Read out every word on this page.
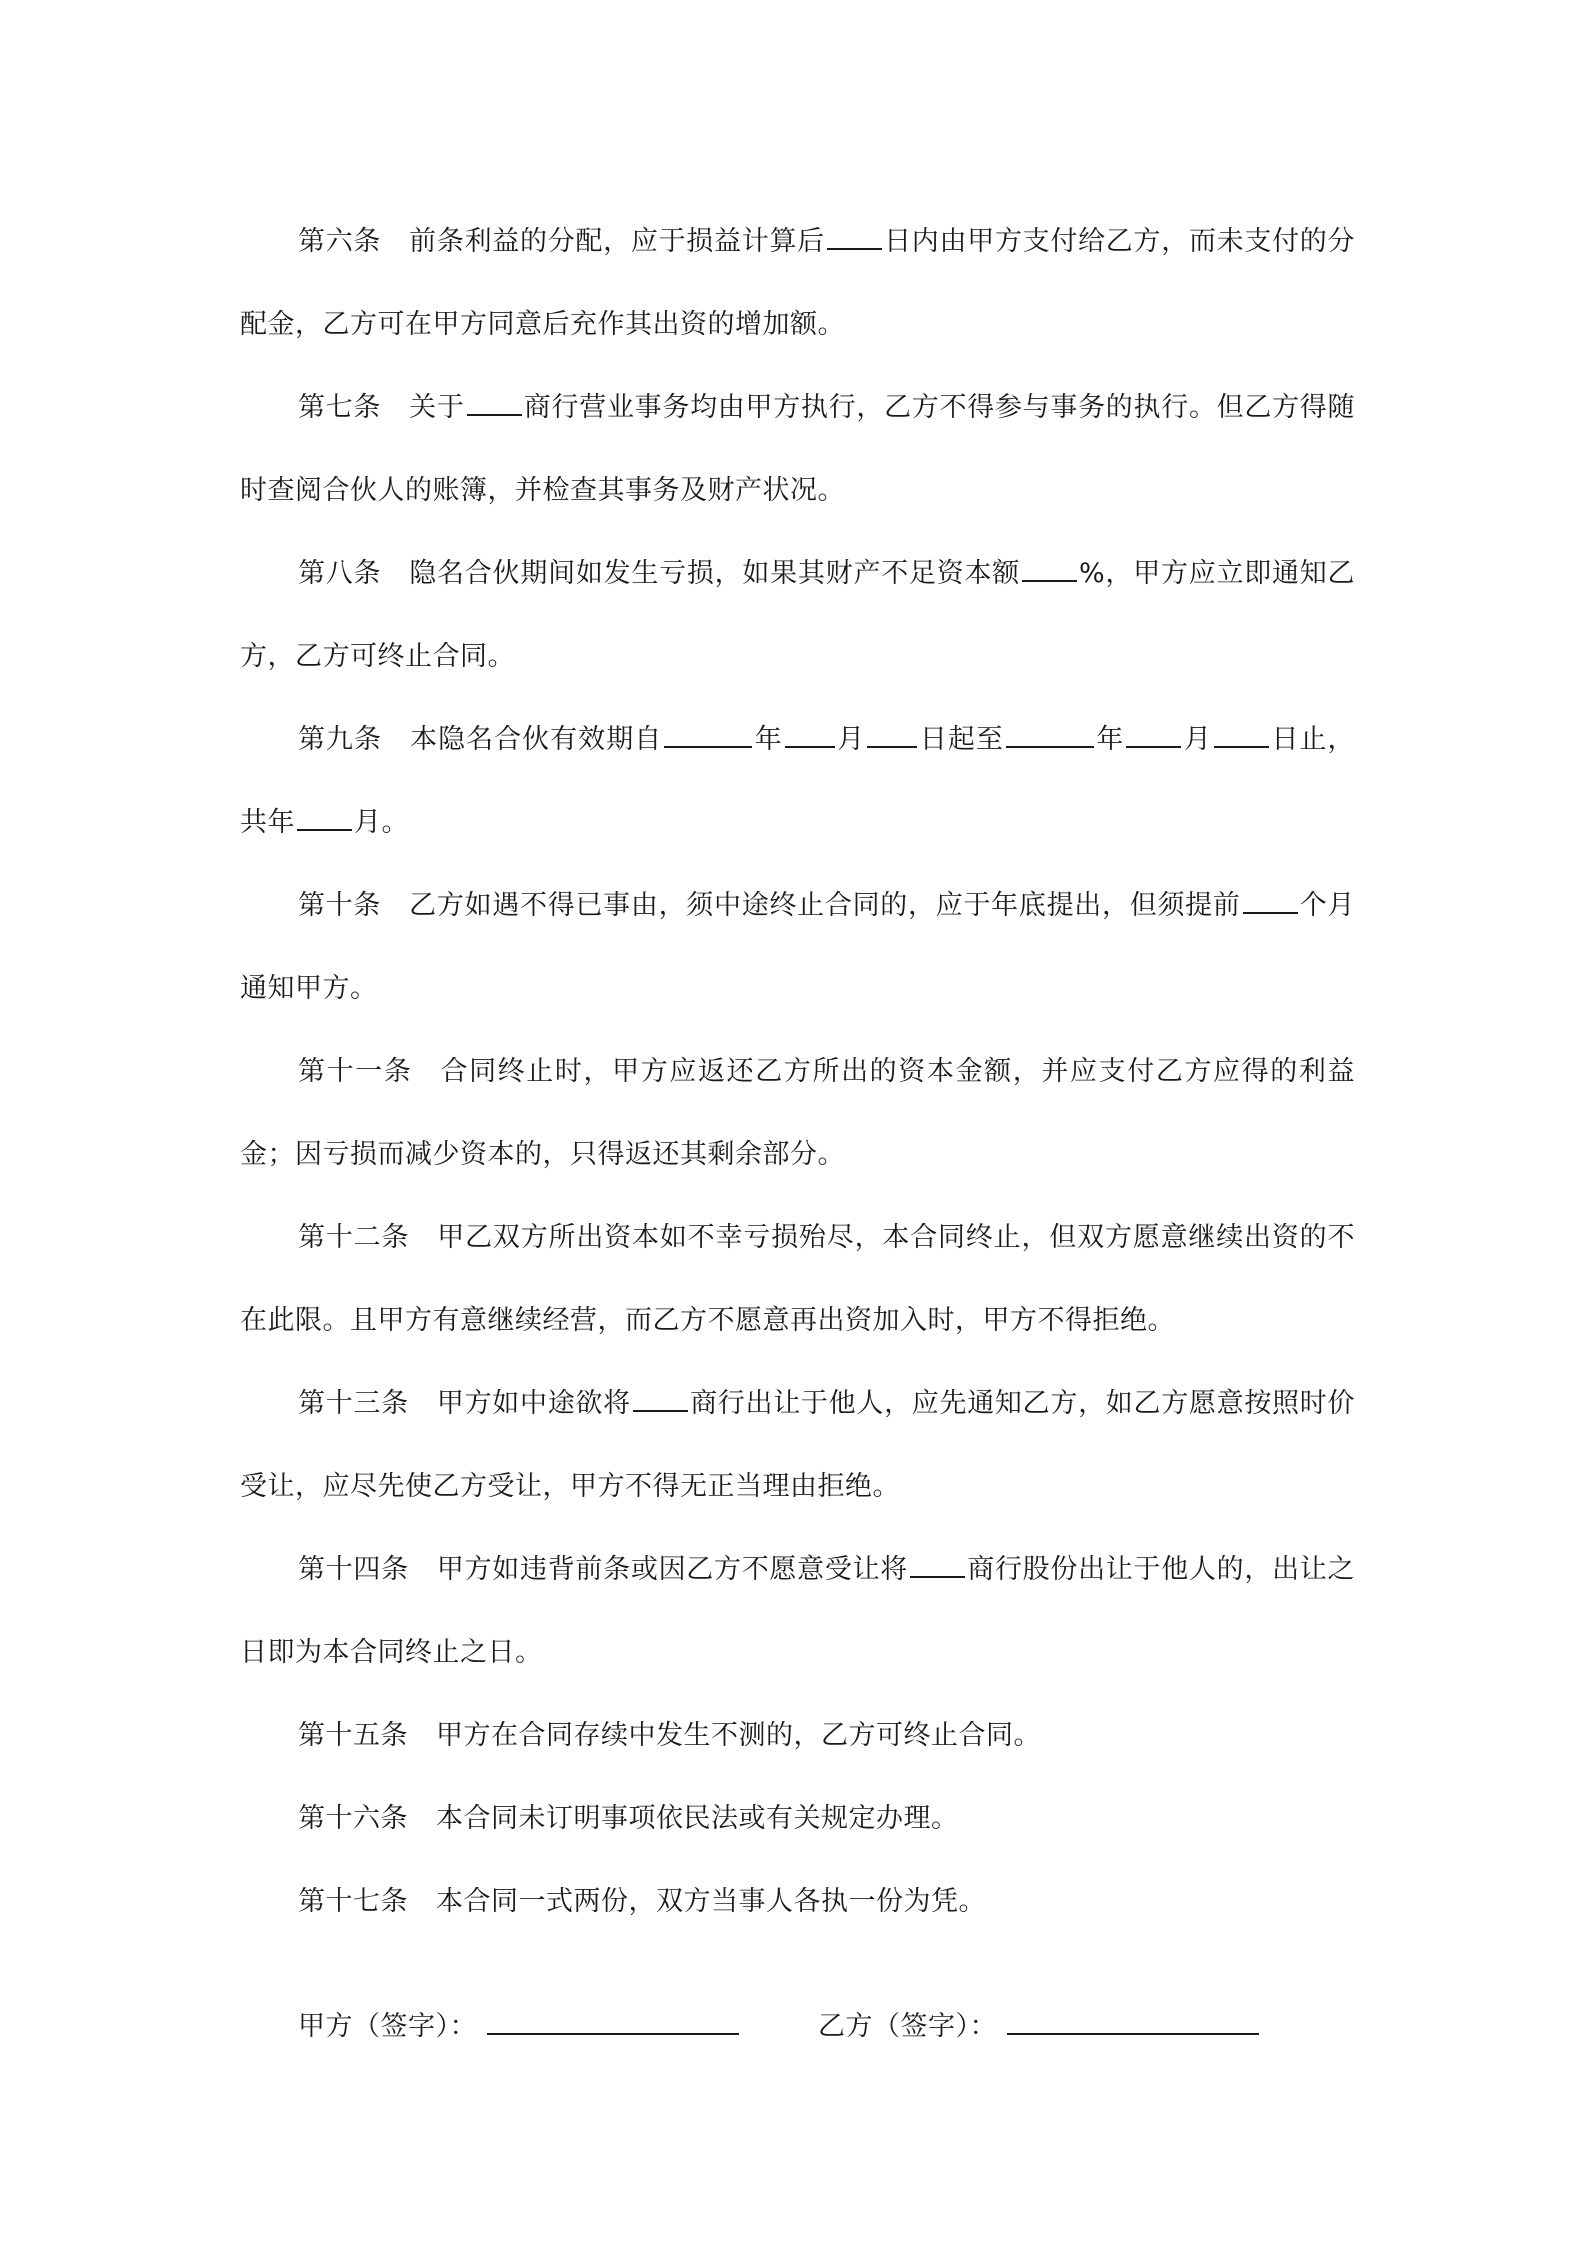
第六条 前条利益的分配，应于损益计算后 日内由甲方支付给乙方，而未支付的分配金，乙方可在甲方同意后充作其出资的增加额。

第七条 关于 商行营业事务均由甲方执行，乙方不得参与事务的执行。但乙方得随时查阅合伙人的账簿，并检查其事务及财产状况。

第八条 隐名合伙期间如发生亏损，如果其财产不足资本额 %，甲方应立即通知乙方，乙方可终止合同。

第九条 本隐名合伙有效期自	年 月 日起至	年 月 日止，共年 月。

第十条 乙方如遇不得已事由，须中途终止合同的，应于年底提出，但须提前 个月通知甲方。

第十一条 合同终止时，甲方应返还乙方所出的资本金额，并应支付乙方应得的利益金；因亏损而减少资本的，只得返还其剩余部分。

第十二条 甲乙双方所出资本如不幸亏损殆尽，本合同终止，但双方愿意继续出资的不在此限。且甲方有意继续经营，而乙方不愿意再出资加入时，甲方不得拒绝。

第十三条 甲方如中途欲将 商行出让于他人，应先通知乙方，如乙方愿意按照时价受让，应尽先使乙方受让，甲方不得无正当理由拒绝。

第十四条 甲方如违背前条或因乙方不愿意受让将 商行股份出让于他人的，出让之日即为本合同终止之日。

第十五条 甲方在合同存续中发生不测的，乙方可终止合同。

第十六条 本合同未订明事项依民法或有关规定办理。

第十七条 本合同一式两份，双方当事人各执一份为凭。

甲方（签字）：	乙方（签字）：
